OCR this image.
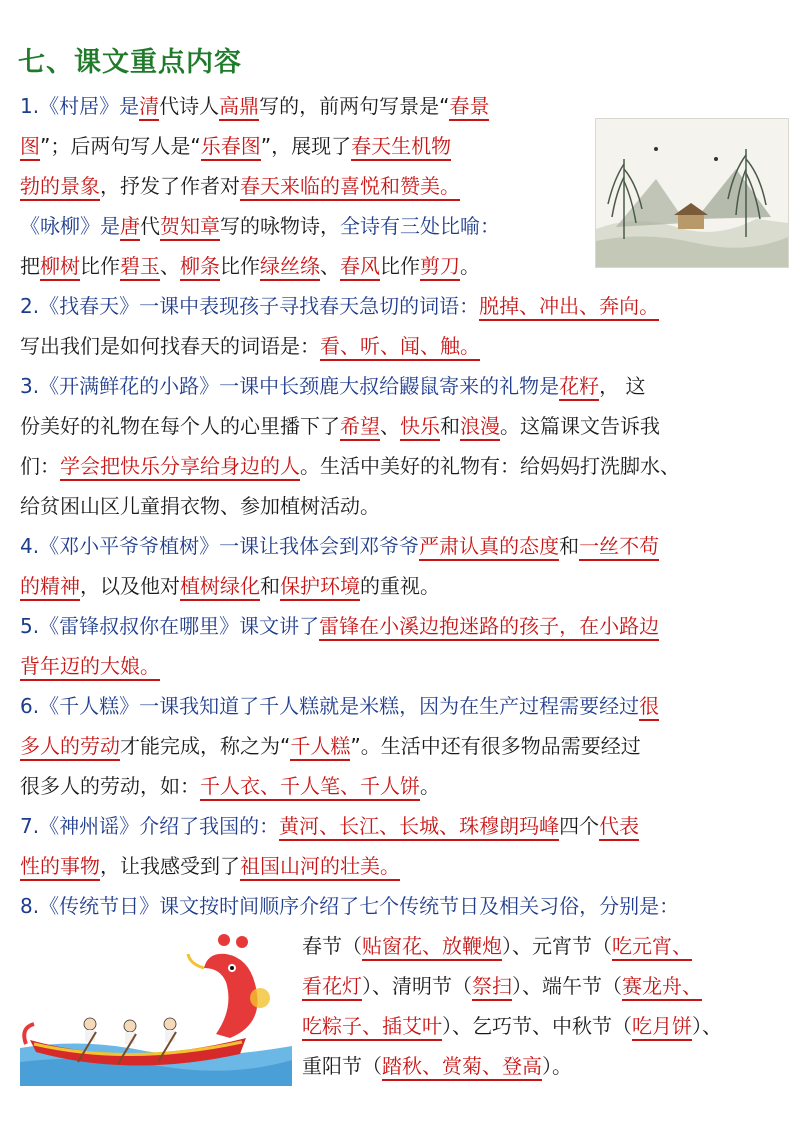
七、课文重点内容
1.《村居》是清代诗人高鼎写的，前两句写景是“春景
图”；后两句写人是“乐春图”，展现了春天生机物
勃的景象，抒发了作者对春天来临的喜悦和赞美。
《咏柳》是唐代贺知章写的咏物诗，全诗有三处比喻：
把柳树比作碧玉、柳条比作绿丝绦、春风比作剪刀。
2.《找春天》一课中表现孩子寻找春天急切的词语：脱掉、冲出、奔向。
写出我们是如何找春天的词语是：看、听、闻、触。
3.《开满鲜花的小路》一课中长颈鹿大叔给鼹鼠寄来的礼物是花籽， 这
份美好的礼物在每个人的心里播下了希望、快乐和浪漫。这篇课文告诉我
们：学会把快乐分享给身边的人。生活中美好的礼物有：给妈妈打洗脚水、
给贫困山区儿童捐衣物、参加植树活动。
4.《邓小平爷爷植树》一课让我体会到邓爷爷严肃认真的态度和一丝不苟
的精神，以及他对植树绿化和保护环境的重视。
5.《雷锋叔叔你在哪里》课文讲了雷锋在小溪边抱迷路的孩子，在小路边
背年迈的大娘。
6.《千人糕》一课我知道了千人糕就是米糕，因为在生产过程需要经过很
多人的劳动才能完成，称之为“千人糕”。生活中还有很多物品需要经过
很多人的劳动，如：千人衣、千人笔、千人饼。
7.《神州谣》介绍了我国的：黄河、长江、长城、珠穆朗玛峰四个代表
性的事物，让我感受到了祖国山河的壮美。
8.《传统节日》课文按时间顺序介绍了七个传统节日及相关习俗，分别是：
春节（贴窗花、放鞭炮）、元宵节（吃元宵、
看花灯）、清明节（祭扫）、端午节（赛龙舟、
吃粽子、插艾叶）、乞巧节、中秋节（吃月饼）、
重阳节（踏秋、赏菊、登高）。
